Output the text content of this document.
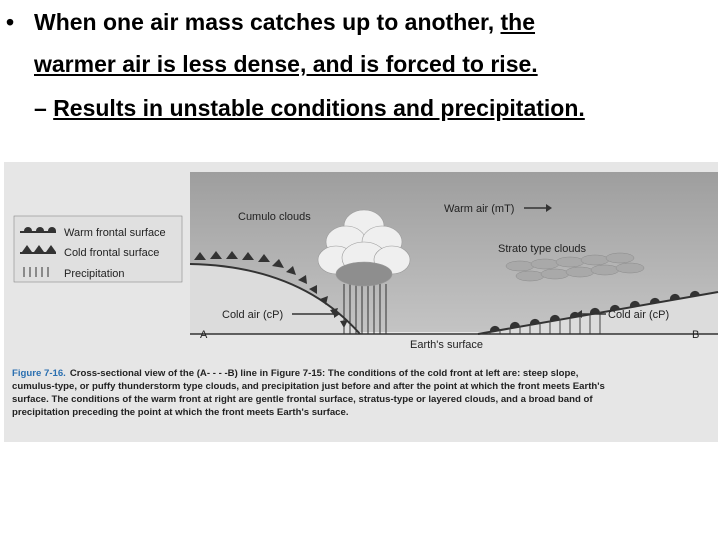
• When one air mass catches up to another, the
warmer air is less dense, and is forced to rise.
– Results in unstable conditions and precipitation.
Warm frontal surface
Cold frontal surface
Precipitation
Cumulo clouds
Warm air (mT)
Strato type clouds
Cold air (cP)	Cold air (cP)
A	B
Earth's surface
Figure 7-16. Cross-sectional view of the (A- - - -B) line in Figure 7-15: The conditions of the cold front at left are: steep slope,
cumulus-type, or puffy thunderstorm type clouds, and precipitation just before and after the point at which the front meets Earth's
surface. The conditions of the warm front at right are gentle frontal surface, stratus-type or layered clouds, and a broad band of
precipitation preceding the point at which the front meets Earth's surface.
